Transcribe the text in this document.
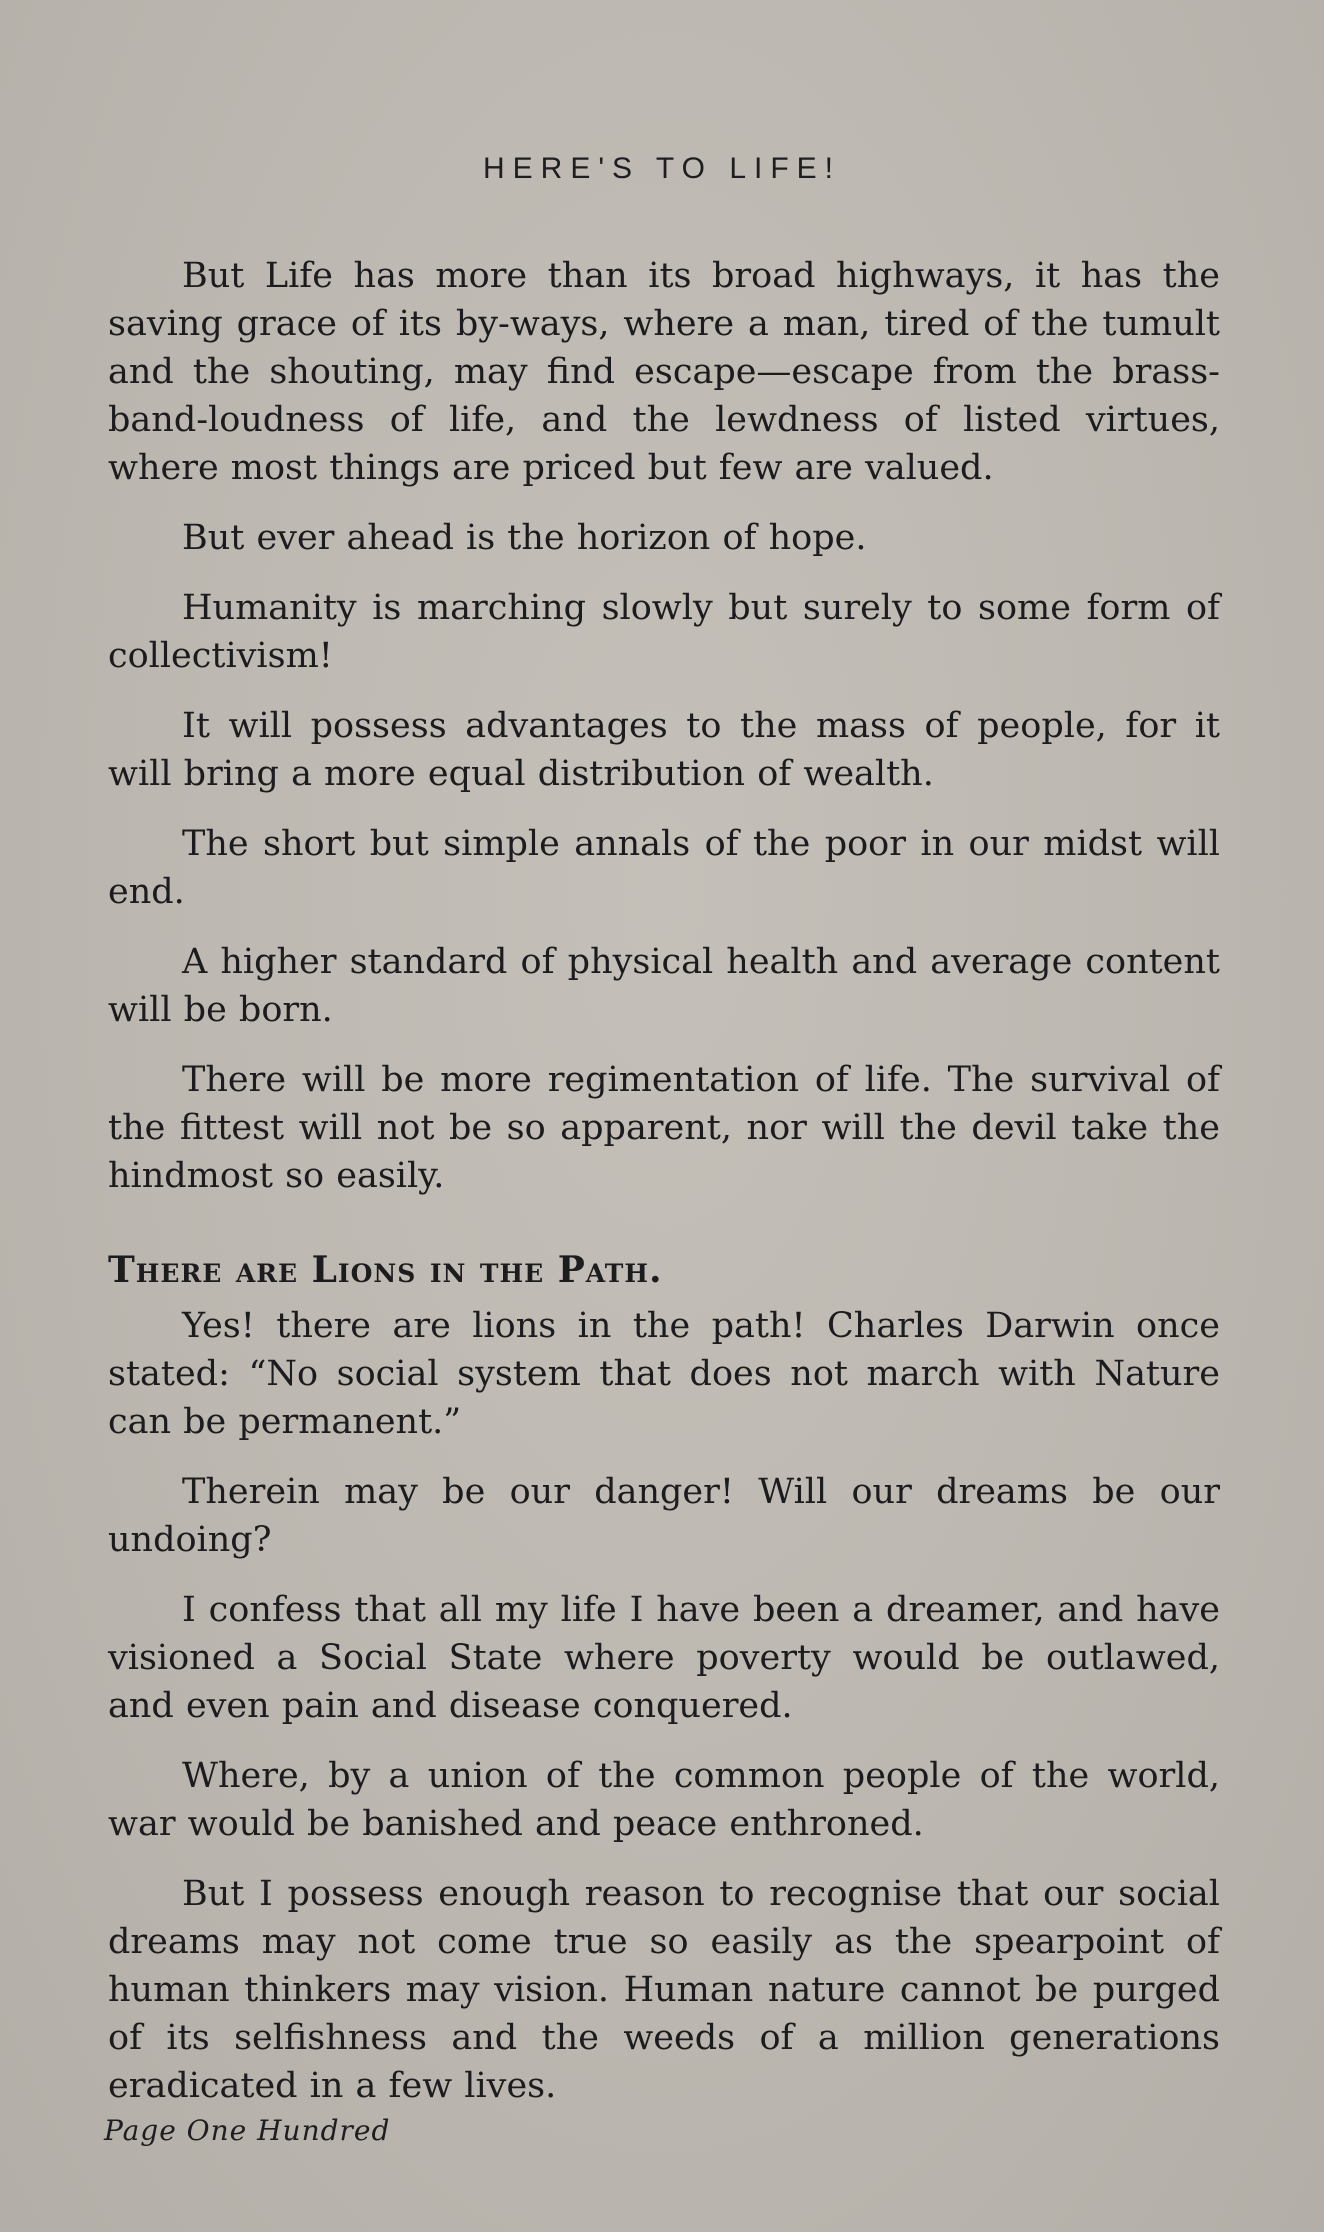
HERE'S TO LIFE!

But Life has more than its broad highways, it has the saving grace of its by-ways, where a man, tired of the tumult and the shouting, may find escape—escape from the brass-band-loudness of life, and the lewdness of listed virtues, where most things are priced but few are valued.

But ever ahead is the horizon of hope.

Humanity is marching slowly but surely to some form of collectivism!

It will possess advantages to the mass of people, for it will bring a more equal distribution of wealth.

The short but simple annals of the poor in our midst will end.

A higher standard of physical health and average content will be born.

There will be more regimentation of life. The survival of the fittest will not be so apparent, nor will the devil take the hindmost so easily.

There are Lions in the Path.

Yes! there are lions in the path! Charles Darwin once stated: “No social system that does not march with Nature can be permanent.”

Therein may be our danger! Will our dreams be our undoing?

I confess that all my life I have been a dreamer, and have visioned a Social State where poverty would be outlawed, and even pain and disease conquered.

Where, by a union of the common people of the world, war would be banished and peace enthroned.

But I possess enough reason to recognise that our social dreams may not come true so easily as the spearpoint of human thinkers may vision. Human nature cannot be purged of its selfishness and the weeds of a million generations eradicated in a few lives.

Page One Hundred
